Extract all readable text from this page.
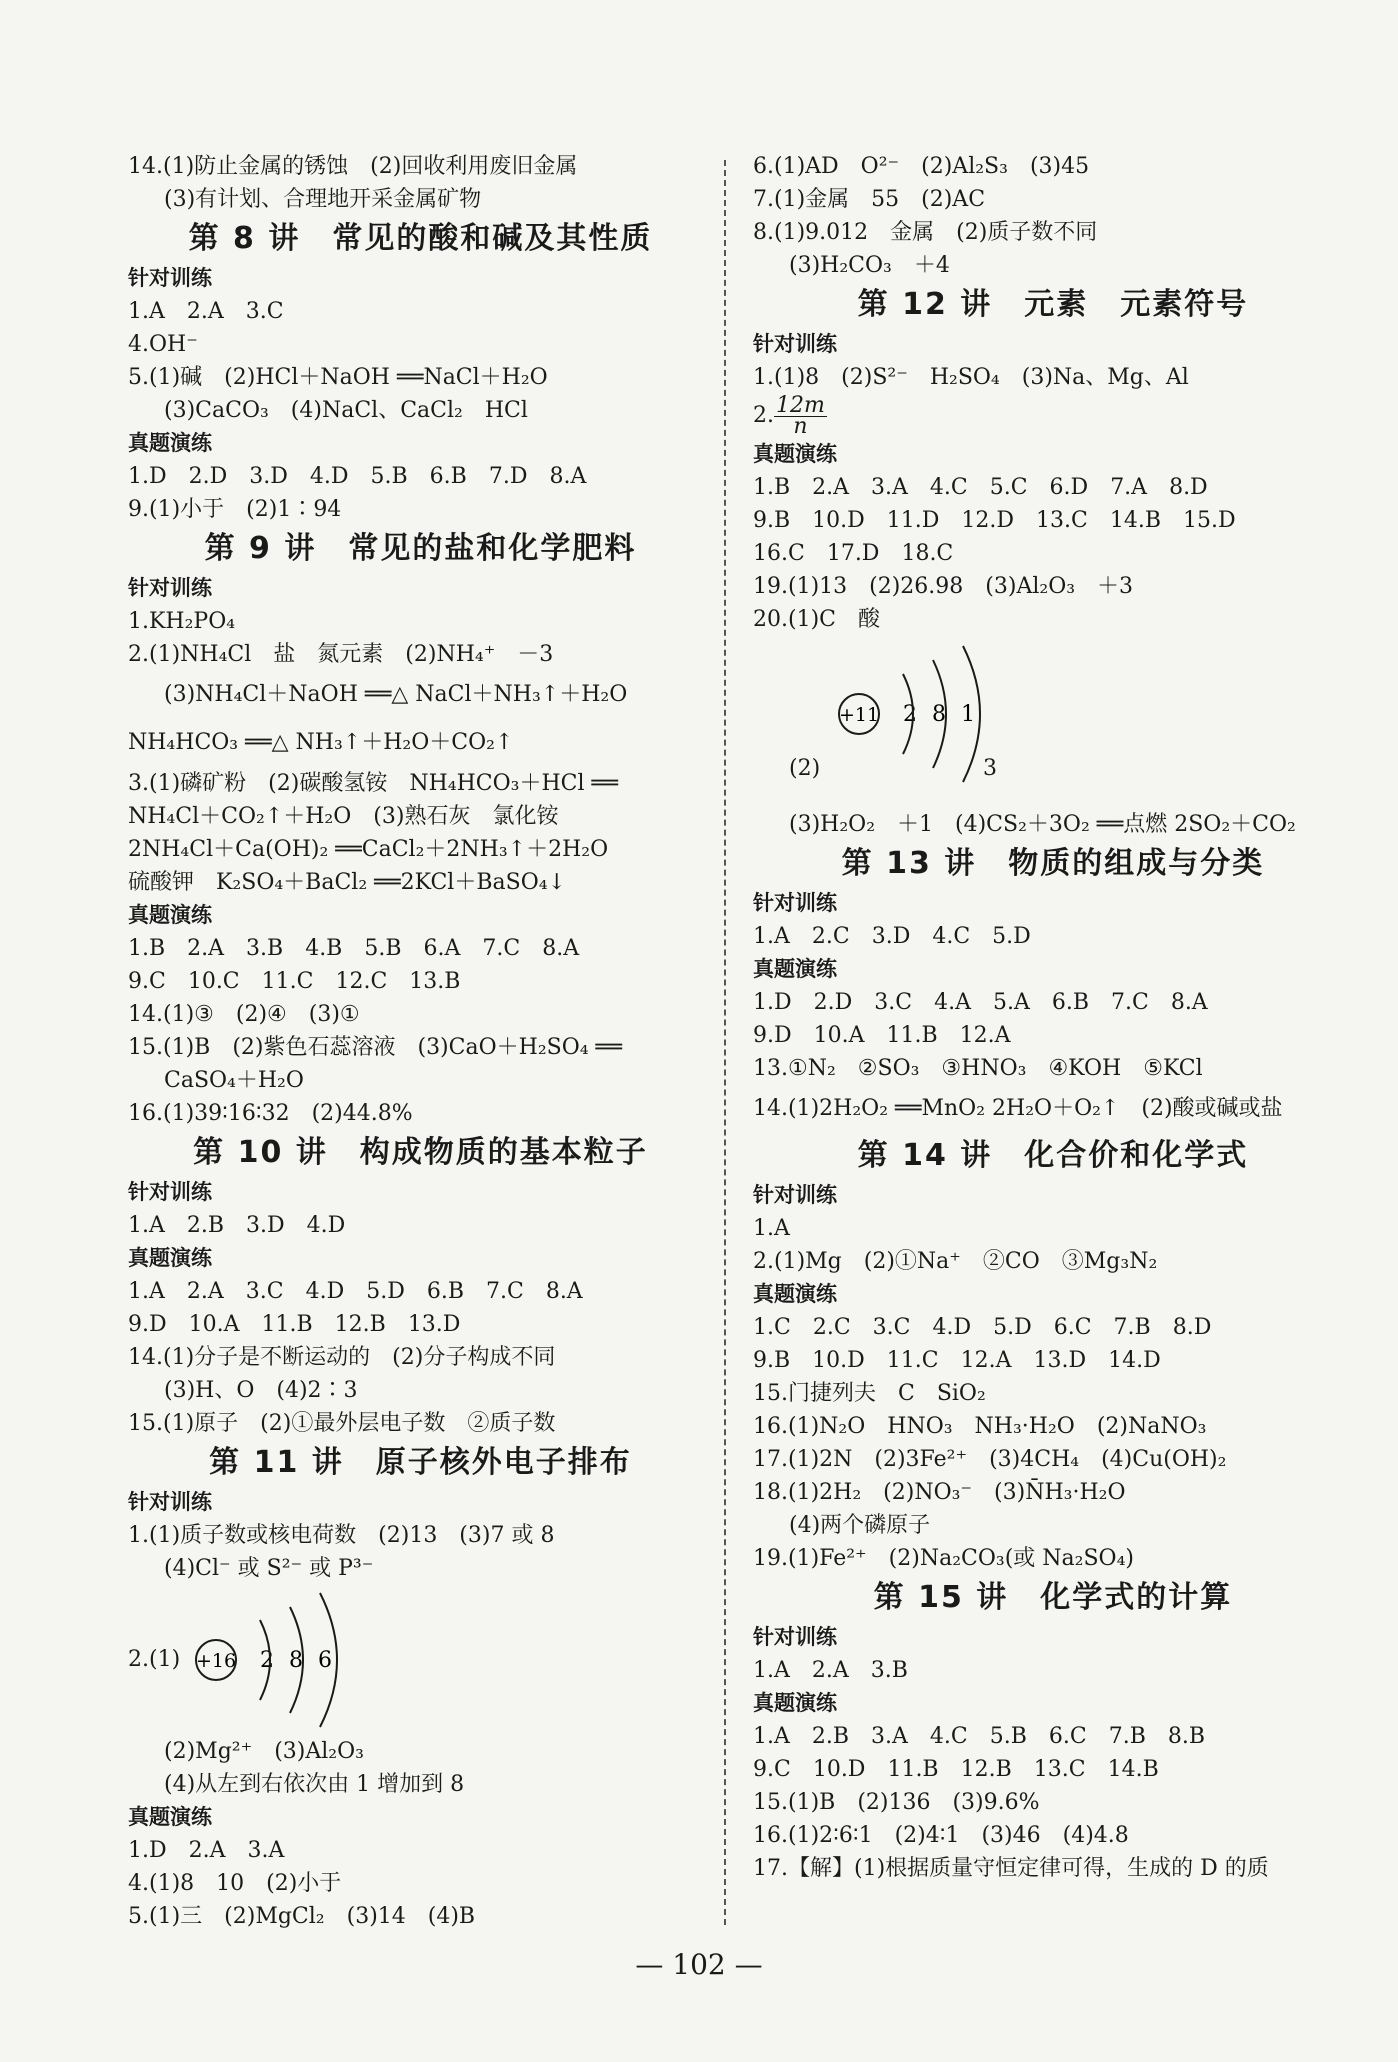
14.(1)防止金属的锈蚀　(2)回收利用废旧金属
(3)有计划、合理地开采金属矿物
第 8 讲　常见的酸和碱及其性质
针对训练
1.A　2.A　3.C
4.OH⁻
5.(1)碱　(2)HCl＋NaOH ══NaCl＋H₂O
(3)CaCO₃　(4)NaCl、CaCl₂　HCl
真题演练
1.D　2.D　3.D　4.D　5.B　6.B　7.D　8.A
9.(1)小于　(2)1∶94
第 9 讲　常见的盐和化学肥料
针对训练
1.KH₂PO₄
2.(1)NH₄Cl　盐　氮元素　(2)NH₄⁺　－3
(3)NH₄Cl＋NaOH ══△ NaCl＋NH₃↑＋H₂O
NH₄HCO₃ ══△ NH₃↑＋H₂O＋CO₂↑
3.(1)磷矿粉　(2)碳酸氢铵　NH₄HCO₃＋HCl ══
NH₄Cl＋CO₂↑＋H₂O　(3)熟石灰　氯化铵
2NH₄Cl＋Ca(OH)₂ ══CaCl₂＋2NH₃↑＋2H₂O
硫酸钾　K₂SO₄＋BaCl₂ ══2KCl＋BaSO₄↓
真题演练
1.B　2.A　3.B　4.B　5.B　6.A　7.C　8.A
9.C　10.C　11.C　12.C　13.B
14.(1)③　(2)④　(3)①
15.(1)B　(2)紫色石蕊溶液　(3)CaO＋H₂SO₄ ══
CaSO₄＋H₂O
16.(1)39∶16∶32　(2)44.8%
第 10 讲　构成物质的基本粒子
针对训练
1.A　2.B　3.D　4.D
真题演练
1.A　2.A　3.C　4.D　5.D　6.B　7.C　8.A
9.D　10.A　11.B　12.B　13.D
14.(1)分子是不断运动的　(2)分子构成不同
(3)H、O　(4)2∶3
15.(1)原子　(2)①最外层电子数　②质子数
第 11 讲　原子核外电子排布
针对训练
1.(1)质子数或核电荷数　(2)13　(3)7 或 8
(4)Cl⁻ 或 S²⁻ 或 P³⁻
2.(1) +16 2 8 6
(2)Mg²⁺　(3)Al₂O₃
(4)从左到右依次由 1 增加到 8
真题演练
1.D　2.A　3.A
4.(1)8　10　(2)小于
5.(1)三　(2)MgCl₂　(3)14　(4)B
6.(1)AD　O²⁻　(2)Al₂S₃　(3)45
7.(1)金属　55　(2)AC
8.(1)9.012　金属　(2)质子数不同
(3)H₂CO₃　＋4
第 12 讲　元素　元素符号
针对训练
1.(1)8　(2)S²⁻　H₂SO₄　(3)Na、Mg、Al
2. $\frac{12m}{n}$
真题演练
1.B　2.A　3.A　4.C　5.C　6.D　7.A　8.D
9.B　10.D　11.D　12.D　13.C　14.B　15.D
16.C　17.D　18.C
19.(1)13　(2)26.98　(3)Al₂O₃　＋3
20.(1)C　酸
+11 2 8 1
(2)	3
(3)H₂O₂　＋1　(4)CS₂＋3O₂ ══点燃 2SO₂＋CO₂
第 13 讲　物质的组成与分类
针对训练
1.A　2.C　3.D　4.C　5.D
真题演练
1.D　2.D　3.C　4.A　5.A　6.B　7.C　8.A
9.D　10.A　11.B　12.A
13.①N₂　②SO₃　③HNO₃　④KOH　⑤KCl
14.(1)2H₂O₂ ══MnO₂ 2H₂O＋O₂↑　(2)酸或碱或盐
第 14 讲　化合价和化学式
针对训练
1.A
2.(1)Mg　(2)①Na⁺　②CO　③Mg₃N₂
真题演练
1.C　2.C　3.C　4.D　5.D　6.C　7.B　8.D
9.B　10.D　11.C　12.A　13.D　14.D
15.门捷列夫　C　SiO₂
16.(1)N₂O　HNO₃　NH₃·H₂O　(2)NaNO₃
17.(1)2N　(2)3Fe²⁺　(3)4CH₄　(4)Cu(OH)₂
18.(1)2H₂　(2)NO₃⁻　(3)N̄H₃·H₂O
(4)两个磷原子
19.(1)Fe²⁺　(2)Na₂CO₃(或 Na₂SO₄)
第 15 讲　化学式的计算
针对训练
1.A　2.A　3.B
真题演练
1.A　2.B　3.A　4.C　5.B　6.C　7.B　8.B
9.C　10.D　11.B　12.B　13.C　14.B
15.(1)B　(2)136　(3)9.6%
16.(1)2∶6∶1　(2)4∶1　(3)46　(4)4.8
17.【解】(1)根据质量守恒定律可得，生成的 D 的质
— 102 —
